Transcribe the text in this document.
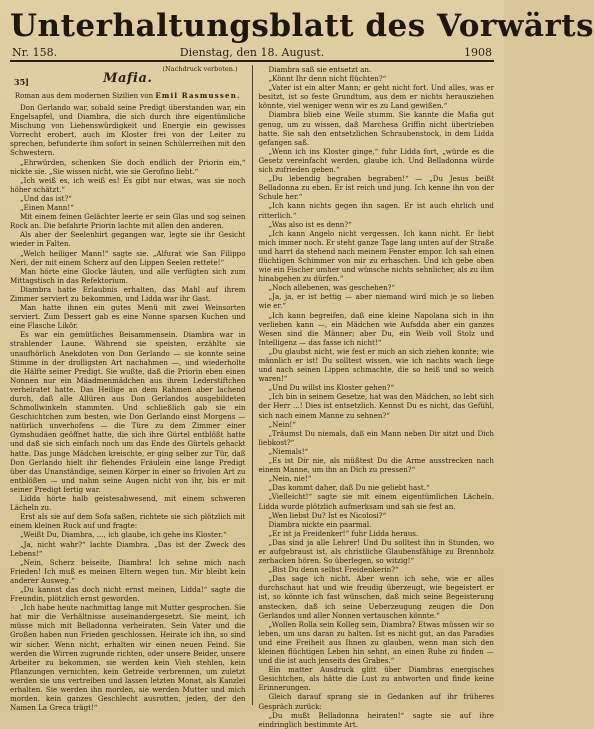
Unterhaltungsblatt des Vorwärts
Nr. 158.	Dienstag, den 18. August.	1908
35]
(Nachdruck verboten.)
Mafia.
Roman aus dem modernen Sizilien von Emil Rasmussen.

Don Gerlando war, sobald seine Predigt überstanden war, ein Engelsapfel, und Diambra, die sich durch ihre eigentümliche Mischung von Liebenswürdigkeit und Energie ein gewisses Vorrecht erobert, auch im Kloster frei von der Leiter zu sprechen, befunderte ihm sofort in seinen Schülerreihen mit den Schwestern.

„Ehrwürden, schenken Sie doch endlich der Priorin ein,“ nickte sie. „Sie wissen nicht, wie sie Gerofino liebt.“

„Ich weiß es, ich weiß es! Es gibt nur etwas, was sie noch höher schätzt.“

„Und das ist?“

„Einen Mann!“

Mit einem feinen Gelächter leerte er sein Glas und sog seinen Rock an. Die befahrte Priorin lachte mit allen den anderen.

Als aber der Seelenhirt gegangen war, legte sie ihr Gesicht wieder in Falten.

„Welch heiliger Mann!“ sagte sie. „Alfurat wie San Filippo Neri, der mit einem Scherz auf den Lippen Seelen rettete!“

Man hörte eine Glocke läuten, und alle verfügten sich zum Mittagstisch in das Refektorium.

Diambra hatte Erlaubnis erhalten, das Mahl auf ihrem Zimmer serviert zu bekommen, und Lidda war ihr Gast.

Man hatte ihnen ein gutes Menü mit zwei Weinsorten serviert. Zum Dessert gab es eine Nonne sparsen Kuchen und eine Flasche Likör.

Es war ein gemütliches Beisammensein. Diambra war in strahlender Laune. Während sie speisten, erzählte sie unaufhörlich Anekdoten von Don Gerlando — sie konnte seine Stimme in der drolligsten Art nachahmen —, und wiederholte die Hälfte seiner Predigt. Sie wußte, daß die Priorin eben einen Nonnen nur ein Mäadmenmädchen aus ihrem Lederstiftchen verheiratet hatte. Das Heilige an dem Rahmen aber lachend durch, daß alle Allüren aus Don Gerlandos ausgebildeten Schmollwinkeln stammten. Und schließlich gab sie ein Geschichtchen zum besten, wie Don Gerlando einst Morgens — natürlich unverhofens — die Türe zu dem Zimmer einer Gymshudäen geöffnet hatte, die sich ihre Gürtel entblößt hatte und daß sie sich einfach noch um das Ende des Gürtels gehackt hatte. Das junge Mädchen kreischte, er ging selber zur Tür, daß Don Gerlando hielt ihr flehendes Fräulein eine lange Predigt über das Unanständige, seinen Körper in einer so frivolen Art zu entblößen — und nahm seine Augen nicht von ihr, bis er mit seiner Predigt fertig war.

Lidda hörte halb geistesabwesend, mit einem schweren Lächeln zu.

Erst als sie auf dem Sofa saßen, richtete sie sich plötzlich mit einem kleinen Ruck auf und fragte:

„Weißt Du, Diambra, ..., ich glaube, ich gehe ins Kloster.“

„Ja, nicht wahr?“ lachte Diambra. „Das ist der Zweck des Lebens!“

„Nein, Scherz beiseite, Diambra! Ich sehne mich nach Frieden! Ich muß es meinen Eltern wegen tun. Mir bleibt kein anderer Ausweg.“

„Du kannst das doch nicht ernst meinen, Lidda!“ sagte die Freundin, plötzlich ernst geworden.

„Ich habe heute nachmittag lange mit Mutter gesprochen. Sie hat mir die Verhältnisse auseinandergesetzt. Sie meint, ich müsse mich mit Belladonna verheiraten. Sein Vater und die Großen haben nun Frieden geschlossen. Heirate ich ihn, so sind wir sicher. Wenn nicht, erhalten wir einen neuen Feind. Sie werden die Wirren zugrunde richten, oder unsere Beider, unsere Arbeiter zu bekommen, sie werden kein Vieh stehlen, kein Pflanzungen vernichten, kein Getreide verbrennen, um zuletzt werden sie uns vertreiben und lassen letzten Monat, als Kanzlei erhalten. Sie werden ihn morden, sie werden Mutter und mich morden. kein ganzes Geschlecht ausrotten, jeden, der den Namen La Greca trägt!“

Diambra saß sie entsetzt an.

„Könnt Ihr denn nicht flüchten?“

„Vater ist ein alter Mann; er geht nicht fort. Und alles, was er besitzt, ist so feste Grundtum, aus dem er nichts herausziehen könnte, viel weniger wenn wir es zu Land gewißen.“

Diambra blieb eine Weile stumm. Sie kannte die Mafia gut genug, um zu wissen, daß Marchesa Griffin nicht übertrieben hatte. Sie sah den entsetzlichen Schraubenstock, in dem Lidda gefangen saß.

„Wenn ich ins Kloster ginge,“ fuhr Lidda fort, „würde es die Gesetz vereinfacht werden, glaube ich. Und Belladonna würde sich zufrieden geben.“

„Du lebendig begraben begraben!“ — „Du Jesus beißt Belladonna zu eben. Er ist reich und jung. Ich kenne ihn von der Schule her.“

„Ich kann nichts gegen ihn sagen. Er ist auch ehrlich und ritterlich.“

„Was also ist es denn?“

„Ich kann Angelo nicht vergessen. Ich kann nicht. Er liebt mich immer noch. Er steht ganze Tage lang unten auf der Straße und harrt da stehend nach meinem Fenster empor. Ich sah einen flüchtigen Schimmer von mir zu erhaschen. Und ich gebe oben wie ein Fischer umher und wünsche nichts sehnlicher, als zu ihm hinabgehen zu dürfen.“

„Noch allebenen, was geschehen?“

„Ja, ja, er ist bettig — aber niemand wird mich je so lieben wie er.“

„Ich kann begreifen, daß eine kleine Napolana sich in ihn verlieben kann —, ein Mädchen wie Aufsdda aber ein ganzes Wesen sind die Männer; aber Du, ein Weib voll Stolz und Intelligenz — das fasse ich nicht!“

„Du glaubst nicht, wie fest er mich an sich ziehen konnte; wie männlich er ist! Du solltest wissen, wie ich nachts wach liege und nach seinen Lippen schmachte, die so heiß und so weich waren!“

„Und Du willst ins Kloster gehen?“

„Ich bin in seinem Gesetze, hat was den Mädchen, so lebt sich der Herr ...! Dies ist entsetzlich. Kennst Du es nicht, das Gefühl, sich nach einem Manne zu sehnen?“

„Nein!“

„Träumst Du niemals, daß ein Mann neben Dir sitzt und Dich liebkost?“

„Niemals!“

„Es ist Dir nie, als müßtest Du die Arme ausstrecken nach einem Manne, um ihn an Dich zu pressen?“

„Nein, nie!“

„Das kommt daher, daß Du nie geliebt hast.“

„Vielleicht!“ sagte sie mit einem eigentümlichen Lächeln. Lidda wurde plötzlich aufmerksam und sah sie fest an.

„Wen liebst Du? Ist es Nicolosi?“

Diambra nickte ein paarmal.

„Er ist ja Freidenker!“ fuhr Lidda heraus.

„Das sind ja alle Lehrer! Und Du solltest ihn in Stunden, wo er aufgebraust ist, als christliche Glaubensfähige zu Brennholz zerhacken hören. So überlegen, so witzig!“

„Bist Du denn selbst Freidenkerin?“

„Das sage ich nicht. Aber wenn ich sehe, wie er alles durchschaut hat und wie freudig überzeugt, wie begeistert er ist, so könnte ich fast wünschen, daß mich seine Begeisterung anstecken, daß ich seine Ueberzeugung zeugen die Don Gerlandos und aller Nonnen vertauschen könnte.“

„Wollen Rolla sein Kolleg sein, Diambra? Etwas müssen wir so leben, um uns daran zu halten. Ist es nicht gut, an das Paradies und eine Freiheit aus Ihnen zu glauben, wenn man sich den kleinen flüchtigen Leben hin sehnt, an einen Ruhe zu finden — und die ist auch jenseits des Grabes.“

Ein matter Ausdruck glitt über Diambras energisches Gesichtchen, als hätte die Lust zu antworten und finde keine Erinnerungen.

Gleich darauf sprang sie in Gedanken auf ihr früheres Gespräch zurück:

„Du mußt Belladonna heiraten!“ sagte sie auf ihre eindringlich bestimmte Art.
